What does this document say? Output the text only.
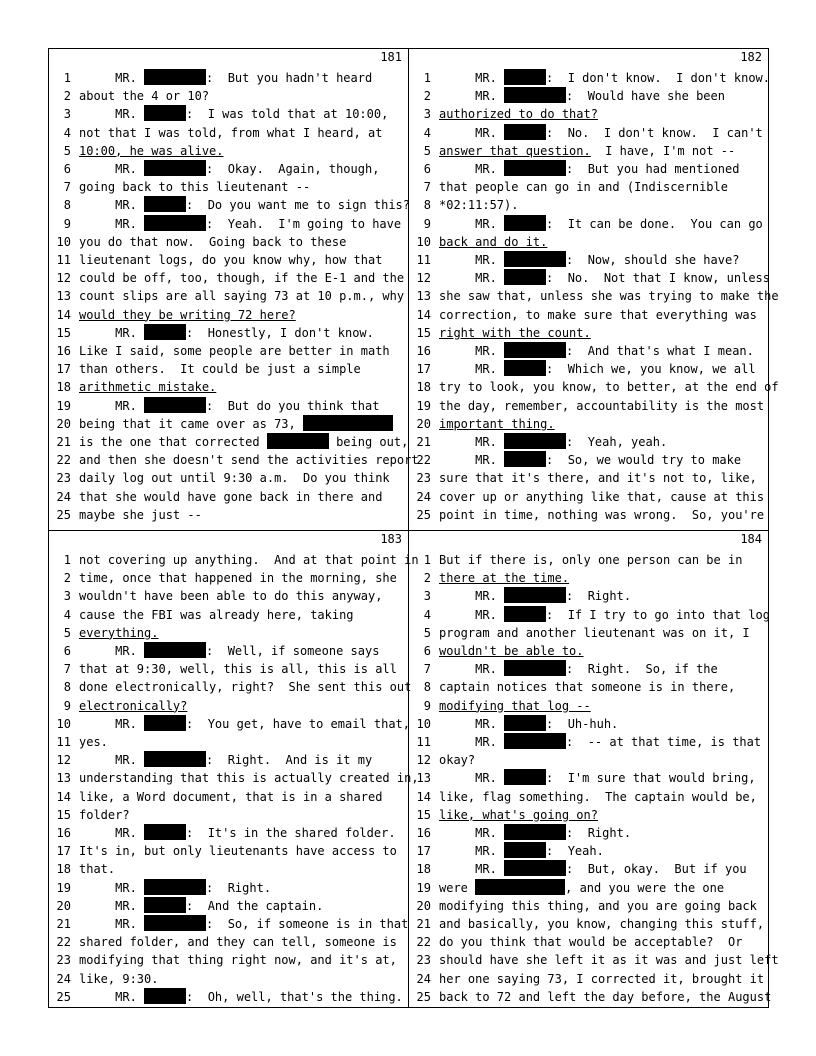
181
1 MR.	:  But you hadn't heard
2 about the 4 or 10?
3 MR.	:  I was told that at 10:00,
4 not that I was told, from what I heard, at
5 10:00, he was alive.
6 MR.	:  Okay.  Again, though,
7 going back to this lieutenant --
8 MR.	:  Do you want me to sign this?
9 MR.	:  Yeah.  I'm going to have
10 you do that now.  Going back to these
11 lieutenant logs, do you know why, how that
12 could be off, too, though, if the E-1 and the
13 count slips are all saying 73 at 10 p.m., why
14 would they be writing 72 here?
15 MR.	:  Honestly, I don't know.
16 Like I said, some people are better in math
17 than others.  It could be just a simple
18 arithmetic mistake.
19 MR.	:  But do you think that
20 being that it came over as 73,
21 is the one that corrected	being out,
22 and then she doesn't send the activities report
23 daily log out until 9:30 a.m.  Do you think
24 that she would have gone back in there and
25 maybe she just --
182
1 MR.	:  I don't know.  I don't know.
2 MR.	:  Would have she been
3 authorized to do that?
4 MR.	:  No.  I don't know.  I can't
5 answer that question.  I have, I'm not --
6 MR.	:  But you had mentioned
7 that people can go in and (Indiscernible
8 *02:11:57).
9 MR.	:  It can be done.  You can go
10 back and do it.
11 MR.	:  Now, should she have?
12 MR.	:  No.  Not that I know, unless
13 she saw that, unless she was trying to make the
14 correction, to make sure that everything was
15 right with the count.
16 MR.	:  And that's what I mean.
17 MR.	:  Which we, you know, we all
18 try to look, you know, to better, at the end of
19 the day, remember, accountability is the most
20 important thing.
21 MR.	:  Yeah, yeah.
22 MR.	:  So, we would try to make
23 sure that it's there, and it's not to, like,
24 cover up or anything like that, cause at this
25 point in time, nothing was wrong.  So, you're
183
1 not covering up anything.  And at that point in
2 time, once that happened in the morning, she
3 wouldn't have been able to do this anyway,
4 cause the FBI was already here, taking
5 everything.
6 MR.	:  Well, if someone says
7 that at 9:30, well, this is all, this is all
8 done electronically, right?  She sent this out
9 electronically?
10 MR.	:  You get, have to email that,
11 yes.
12 MR.	:  Right.  And is it my
13 understanding that this is actually created in,
14 like, a Word document, that is in a shared
15 folder?
16 MR.	:  It's in the shared folder.
17 It's in, but only lieutenants have access to
18 that.
19 MR.	:  Right.
20 MR.	:  And the captain.
21 MR.	:  So, if someone is in that
22 shared folder, and they can tell, someone is
23 modifying that thing right now, and it's at,
24 like, 9:30.
25 MR.	:  Oh, well, that's the thing.
184
1 But if there is, only one person can be in
2 there at the time.
3 MR.	:  Right.
4 MR.	:  If I try to go into that log
5 program and another lieutenant was on it, I
6 wouldn't be able to.
7 MR.	:  Right.  So, if the
8 captain notices that someone is in there,
9 modifying that log --
10 MR.	:  Uh-huh.
11 MR.	:  -- at that time, is that
12 okay?
13 MR.	:  I'm sure that would bring,
14 like, flag something.  The captain would be,
15 like, what's going on?
16 MR.	:  Right.
17 MR.	:  Yeah.
18 MR.	:  But, okay.  But if you
19 were	, and you were the one
20 modifying this thing, and you are going back
21 and basically, you know, changing this stuff,
22 do you think that would be acceptable?  Or
23 should have she left it as it was and just left
24 her one saying 73, I corrected it, brought it
25 back to 72 and left the day before, the August
